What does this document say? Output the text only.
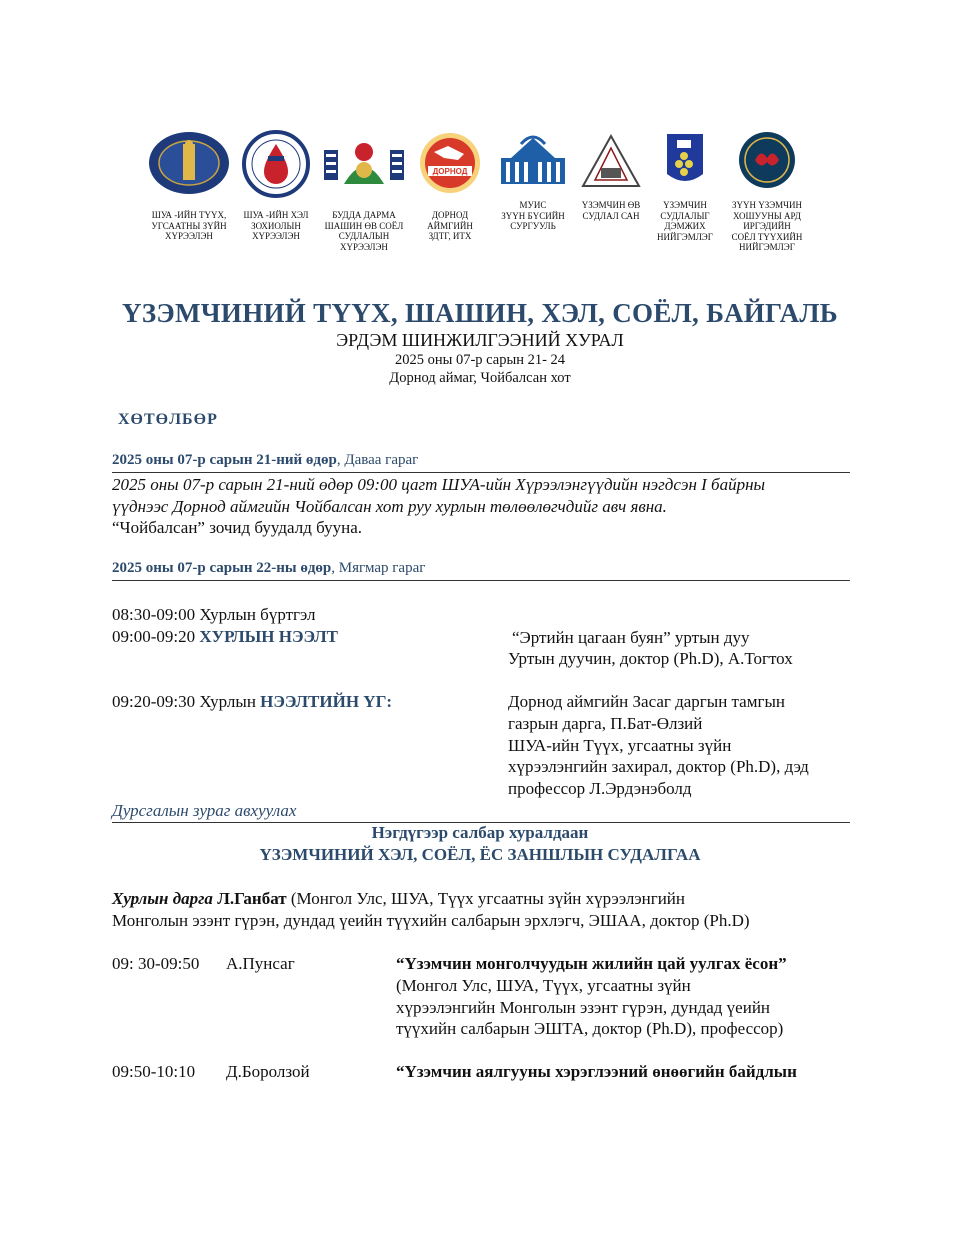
ШУА -ИЙН ТҮҮХ,
УГСААТНЫ ЗҮЙН
ХҮРЭЭЛЭН
ШУА -ИЙН ХЭЛ
ЗОХИОЛЫН
ХҮРЭЭЛЭН
БУДДА ДАРМА
ШАШИН ӨВ СОЁЛ
СУДЛАЛЫН
ХҮРЭЭЛЭН
ДОРНОД
ДОРНОД
АЙМГИЙН
ЗДТГ, ИТХ
МУИС
ЗҮҮН БҮСИЙН
СУРГУУЛЬ
ҮЗЭМЧИН ӨВ
СУДЛАЛ САН
ҮЗЭМЧИН
СУДЛАЛЫГ
ДЭМЖИХ
НИЙГЭМЛЭГ
ЗҮҮН ҮЗЭМЧИН
ХОШУУНЫ АРД
ИРГЭДИЙН
СОЁЛ ТҮҮХИЙН
НИЙГЭМЛЭГ
ҮЗЭМЧИНИЙ ТҮҮХ, ШАШИН, ХЭЛ, СОЁЛ, БАЙГАЛЬ
ЭРДЭМ ШИНЖИЛГЭЭНИЙ ХУРАЛ
2025 оны 07-р сарын 21- 24
Дорнод аймаг, Чойбалсан хот
ХӨТӨЛБӨР
2025 оны 07-р сарын 21-ний өдөр, Даваа гараг
2025 оны 07-р сарын 21-ний өдөр 09:00 цагт ШУА-ийн Хүрээлэнгүүдийн нэгдсэн I байрны
үүднээс Дорнод аймгийн Чойбалсан хот руу хурлын төлөөлөгчдийг авч явна.
“Чойбалсан” зочид буудалд бууна.
2025 оны 07-р сарын 22-ны өдөр, Мягмар гараг
08:30-09:00 Хурлын бүртгэл
09:00-09:20 ХУРЛЫН НЭЭЛТ	“Эртийн цагаан буян” уртын дуу
Уртын дуучин, доктор (Ph.D), А.Тогтох
09:20-09:30 Хурлын НЭЭЛТИЙН ҮГ:	Дорнод аймгийн Засаг даргын тамгын
газрын дарга, П.Бат-Өлзий
ШУА-ийн Түүх, угсаатны зүйн
хүрээлэнгийн захирал, доктор (Ph.D), дэд
профессор Л.Эрдэнэболд
Дурсгалын зураг авхуулах
Нэгдүгээр салбар хуралдаан
ҮЗЭМЧИНИЙ ХЭЛ, СОЁЛ, ЁС ЗАНШЛЫН СУДАЛГАА
Хурлын дарга Л.Ганбат (Монгол Улс, ШУА, Түүх угсаатны зүйн хүрээлэнгийн
Монголын эзэнт гүрэн, дундад үеийн түүхийн салбарын эрхлэгч, ЭШАА, доктор (Ph.D)
09: 30-09:50 А.Пунсаг	“Үзэмчин монголчуудын жилийн цай уулгах ёсон”
(Монгол Улс, ШУА, Түүх, угсаатны зүйн
хүрээлэнгийн Монголын эзэнт гүрэн, дундад үеийн
түүхийн салбарын ЭШТА, доктор (Ph.D), профессор)
09:50-10:10 Д.Боролзой	“Үзэмчин аялгууны хэрэглээний өнөөгийн байдлын
